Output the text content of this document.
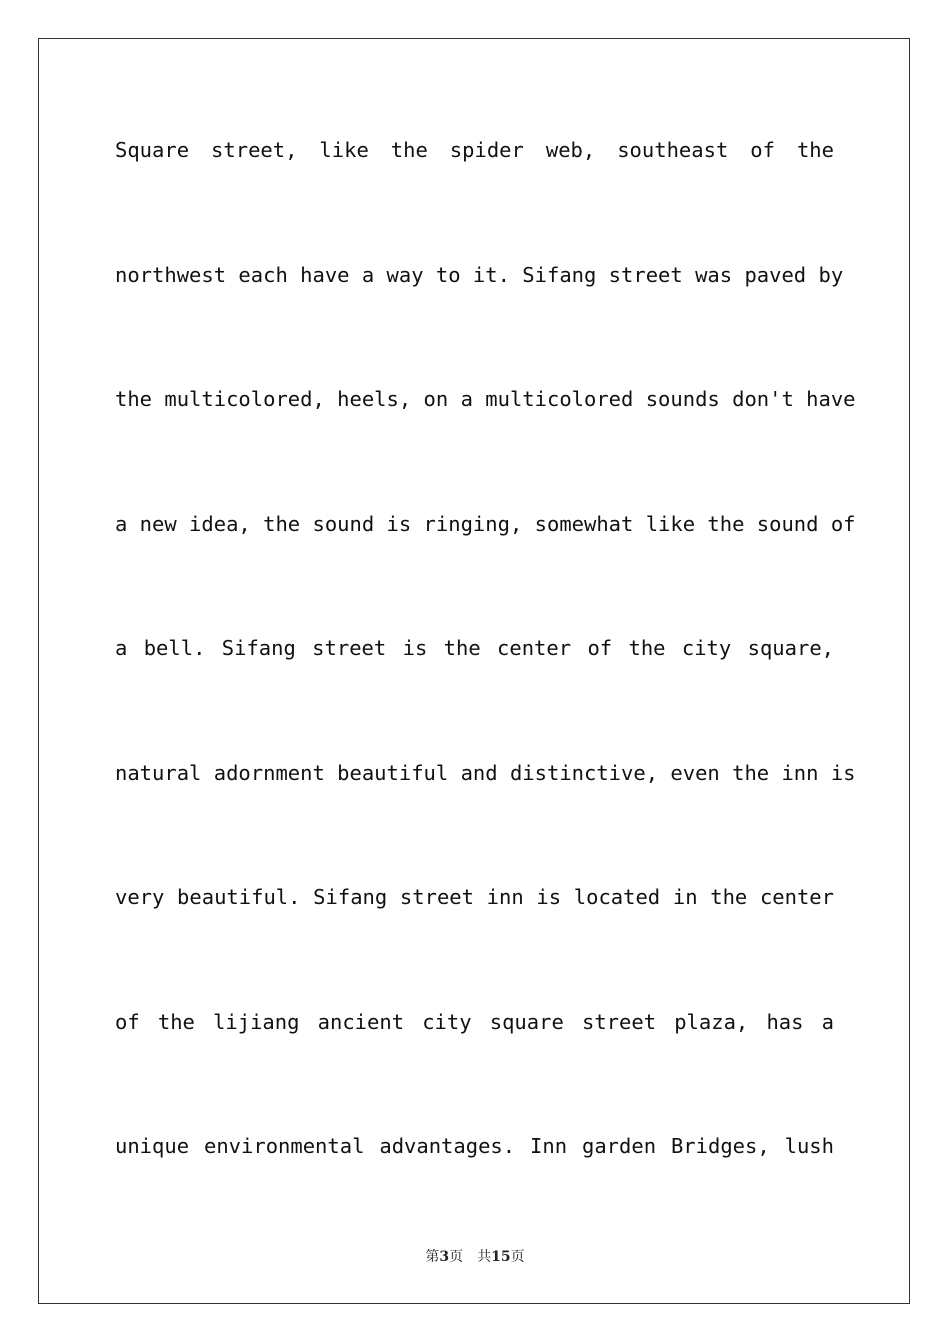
Square street, like the spider web, southeast of the
northwest each have a way to it. Sifang street was paved by
the multicolored, heels, on a multicolored sounds don't have
a new idea, the sound is ringing, somewhat like the sound of
a bell. Sifang street is the center of the city square,
natural adornment beautiful and distinctive, even the inn is
very beautiful. Sifang street inn is located in the center
of the lijiang ancient city square street plaza, has a
unique environmental advantages. Inn garden Bridges, lush
第3页 共15页
